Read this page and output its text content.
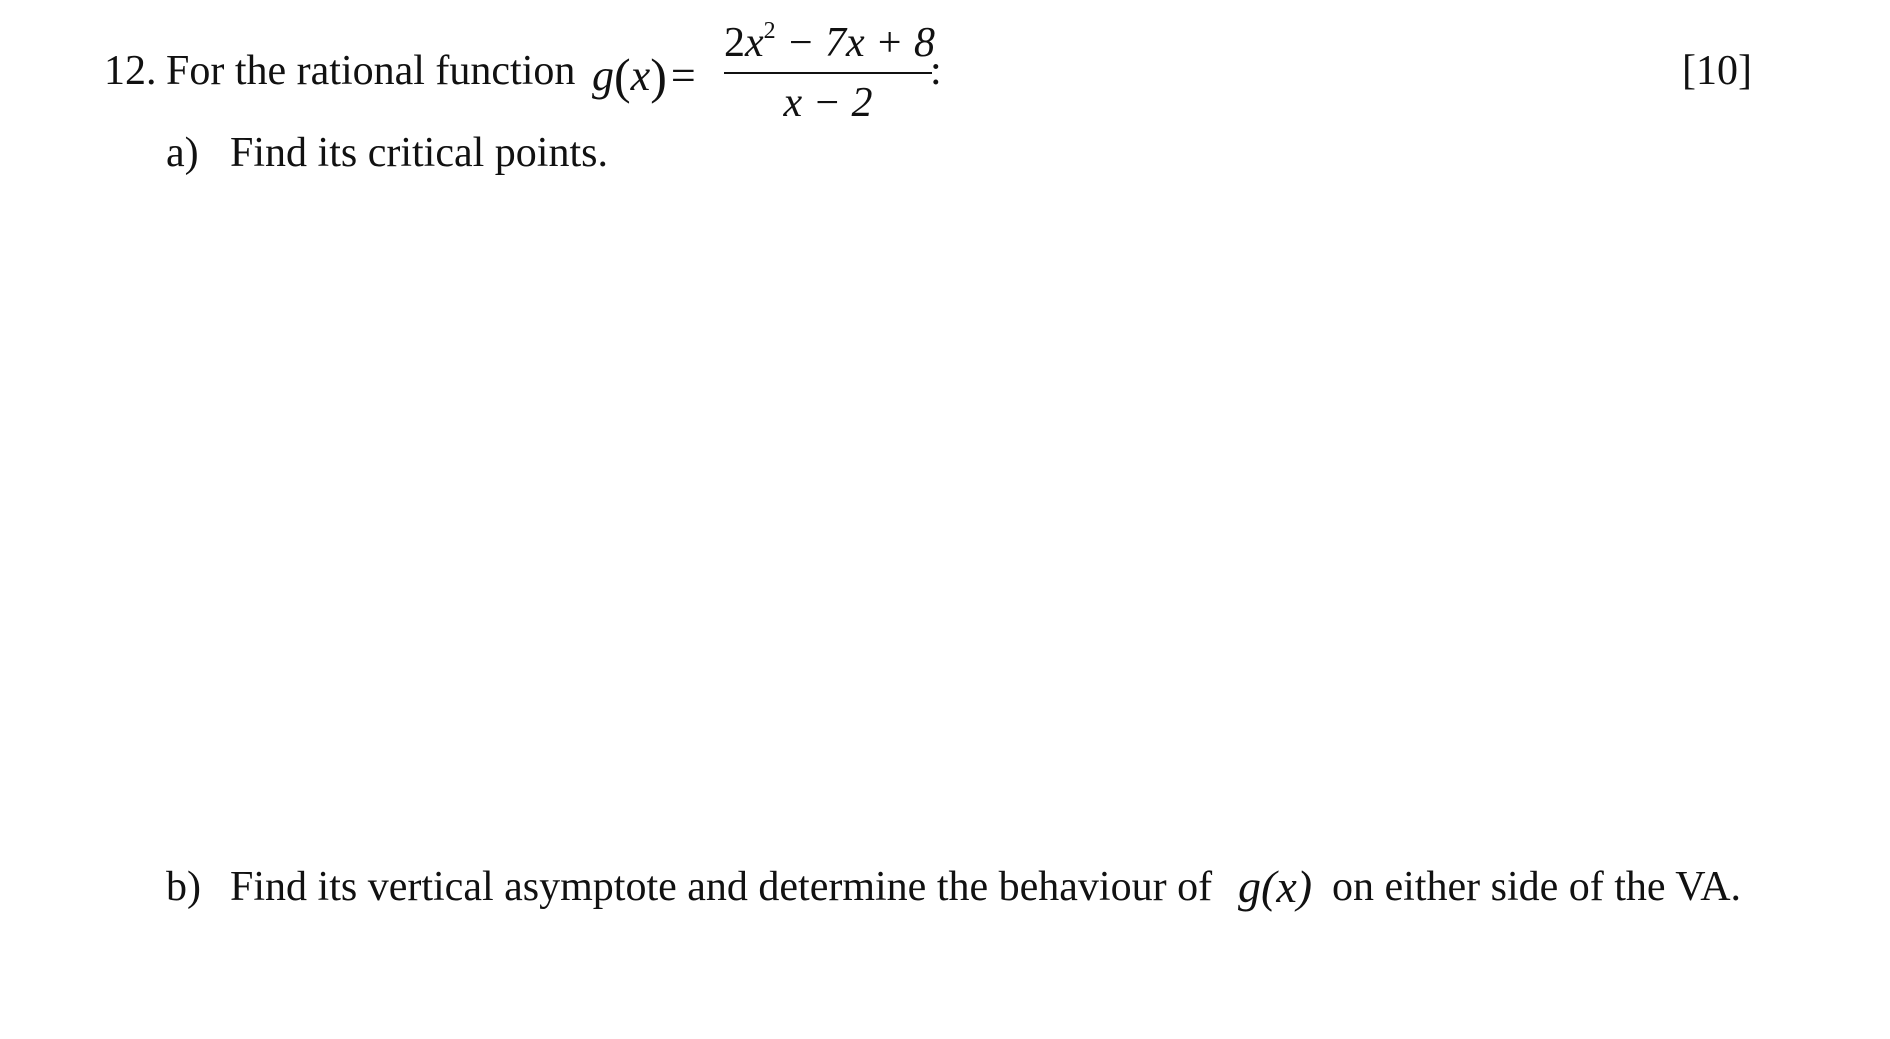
12. For the rational function g(x)=
$2x^2 - 7x + 8$
x − 2
:	[10]
a) Find its critical points.
b) Find its vertical asymptote and determine the behaviour of g(x) on either side of the VA.
